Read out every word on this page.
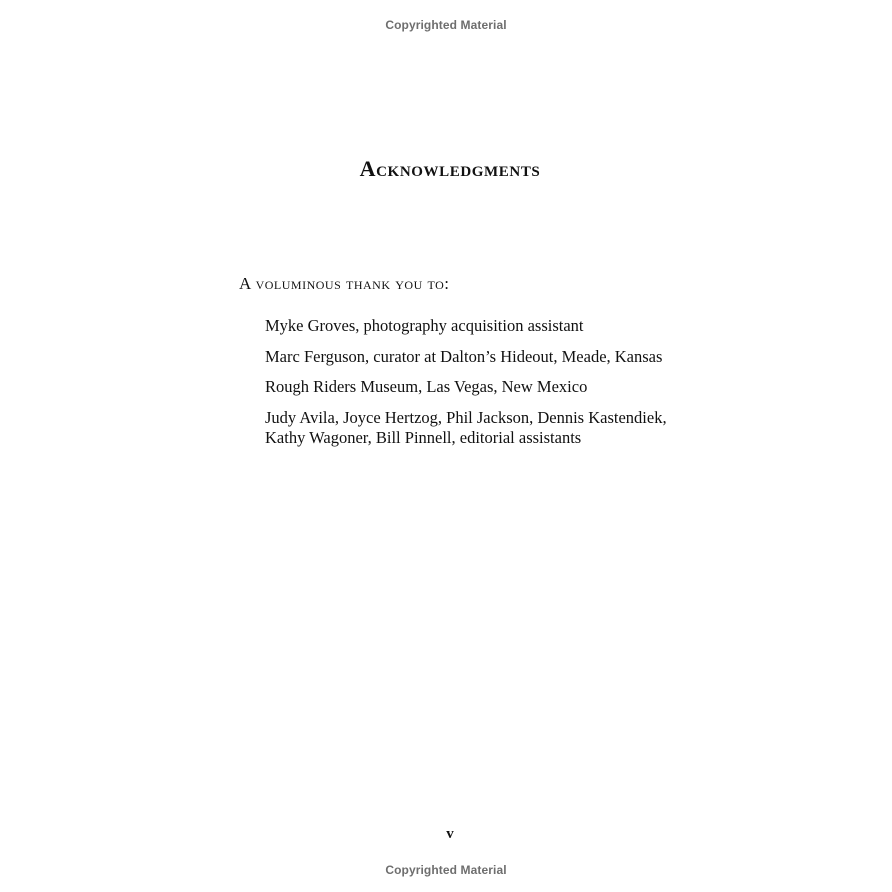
Copyrighted Material
Acknowledgments
A voluminous thank you to:
Myke Groves, photography acquisition assistant
Marc Ferguson, curator at Dalton’s Hideout, Meade, Kansas
Rough Riders Museum, Las Vegas, New Mexico
Judy Avila, Joyce Hertzog, Phil Jackson, Dennis Kastendiek, Kathy Wagoner, Bill Pinnell, editorial assistants
v
Copyrighted Material
